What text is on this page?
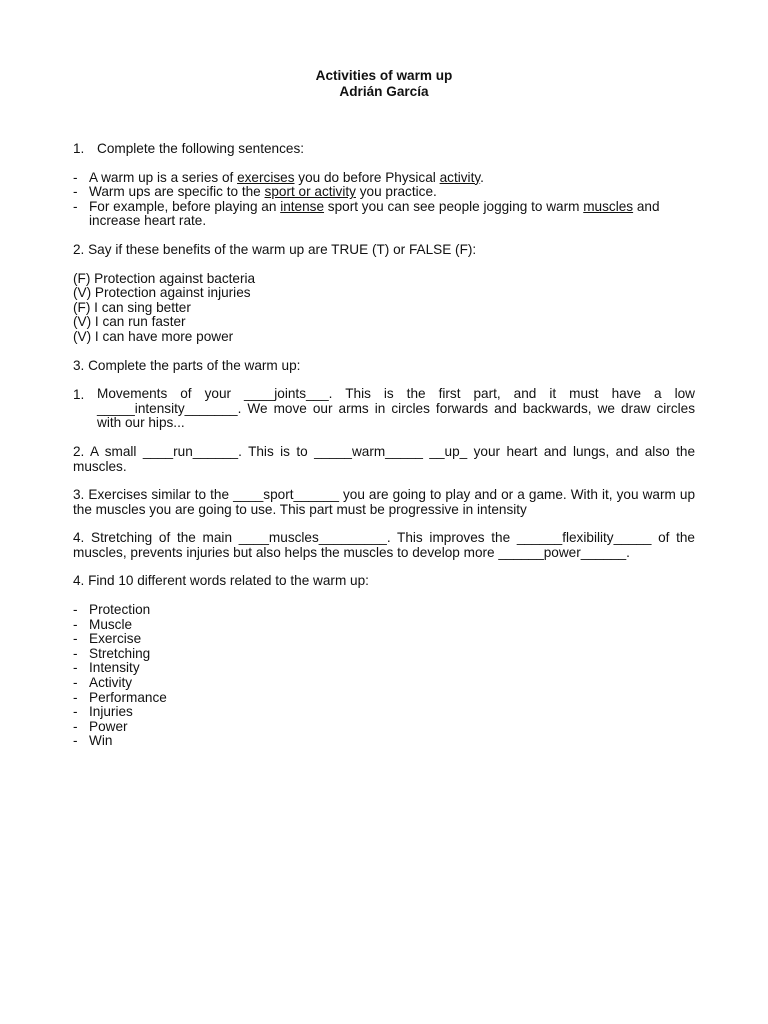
Activities of warm up

Adrián García

1. Complete the following sentences:
- A warm up is a series of exercises you do before Physical activity.
- Warm ups are specific to the sport or activity you practice.
- For example, before playing an intense sport you can see people jogging to warm muscles and increase heart rate.

2. Say if these benefits of the warm up are TRUE (T) or FALSE (F):

(F) Protection against bacteria
(V) Protection against injuries
(F) I can sing better
(V) I can run faster
(V) I can have more power

3. Complete the parts of the warm up:

1. Movements of your ____joints___. This is the first part, and it must have a low _____intensity_______. We move our arms in circles forwards and backwards, we draw circles with our hips...

2. A small ____run______. This is to _____warm_____ __up_ your heart and lungs, and also the muscles.

3. Exercises similar to the ____sport______ you are going to play and or a game. With it, you warm up the muscles you are going to use. This part must be progressive in intensity

4. Stretching of the main ____muscles_________. This improves the ______flexibility_____ of the muscles, prevents injuries but also helps the muscles to develop more ______power______.

4. Find 10 different words related to the warm up:

- Protection
- Muscle
- Exercise
- Stretching
- Intensity
- Activity
- Performance
- Injuries
- Power
- Win
